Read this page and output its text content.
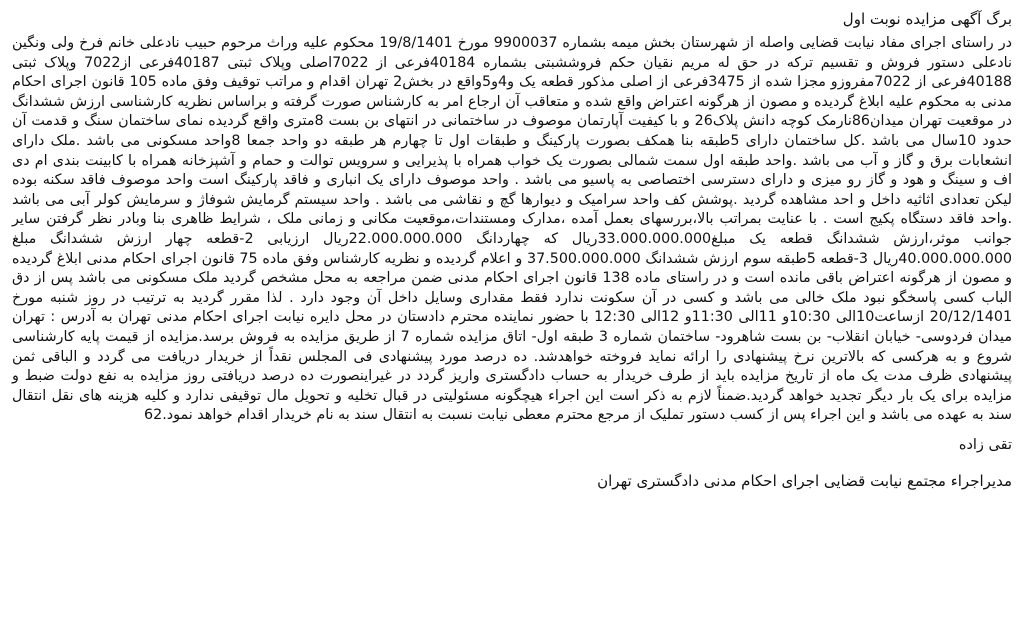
برگ آگهی مزایده نوبت اول

در راستای اجرای مفاد نیابت قضایی واصله از شهرستان بخش میمه بشماره 9900037 مورخ 19/8/1401 محکوم علیه وراث مرحوم حبیب نادعلی خانم فرخ ولی ونگین نادعلی دستور فروش و تقسیم ترکه در حق له مریم نقیان حکم فروششبتی بشماره 40184فرعی از 7022اصلی وپلاک ثبتی 40187فرعی از7022 وپلاک ثبتی 40188فرعی از 7022مفروزو مجزا شده از 3475فرعی از اصلی مذکور قطعه یک و4و5واقع در بخش2 تهران اقدام و مراتب توقیف وفق ماده 105 قانون اجرای احکام مدنی به محکوم علیه ابلاغ گردیده و مصون از هرگونه اعتراض واقع شده و متعاقب آن ارجاع امر به کارشناس صورت گرفته و براساس نظریه کارشناسی ارزش ششدانگ در موقعیت تهران میدان86نارمک کوچه دانش پلاک26 و با کیفیت آپارتمان موصوف در ساختمانی در انتهای بن بست 8متری واقع گردیده نمای ساختمان سنگ و قدمت آن حدود 10سال می باشد .کل ساختمان دارای 5طبقه بنا همکف بصورت پارکینگ و طبقات اول تا چهارم هر طبقه دو واحد جمعا 8واحد مسکونی می باشد .ملک دارای انشعابات برق و گاز و آب می باشد .واحد طبقه اول سمت شمالی بصورت یک خواب همراه با پذیرایی و سرویس توالت و حمام و آشپزخانه همراه با کابینت بندی ام دی اف و سینگ و هود و گاز رو میزی و دارای دسترسی اختصاصی به پاسیو می باشد . واحد موصوف دارای یک انباری و فاقد پارکینگ است واحد موصوف فاقد سکنه بوده لیکن تعدادی اثاثیه داخل و احد مشاهده گردید .پوشش کف واحد سرامیک و دیوارها گچ و نقاشی می باشد . واحد سیستم گرمایش شوفاژ و سرمایش کولر آبی می باشد .واحد فاقد دستگاه پکیج است . با عنایت بمراتب بالا،بررسهای بعمل آمده ،مدارک ومستندات،موقعیت مکانی و زمانی ملک ، شرایط ظاهری بنا وبادر نظر گرفتن سایر جوانب موثر،ارزش ششدانگ قطعه یک مبلغ33.000.000.000ریال که چهاردانگ 22.000.000.000ریال ارزیابی 2-قطعه چهار ارزش ششدانگ مبلغ 40.000.000.000ریال 3-قطعه 5طبقه سوم ارزش ششدانگ 37.500.000.000 و اعلام گردیده و نظریه کارشناس وفق ماده 75 قانون اجرای احکام مدنی ابلاغ گردیده و مصون از هرگونه اعتراض باقی مانده است و در راستای ماده 138 قانون اجرای احکام مدنی ضمن مراجعه به محل مشخص گردید ملک مسکونی می باشد پس از دق الباب کسی پاسخگو نبود ملک خالی می باشد و کسی در آن سکونت ندارد فقط مقداری وسایل داخل آن وجود دارد . لذا مقرر گردید به ترتیب در روز شنبه مورخ 20/12/1401 ازساعت10الی 10:30و 11الی 11:30و 12الی 12:30 با حضور نماینده محترم دادستان در محل دایره نیابت اجرای احکام مدنی تهران به آدرس : تهران میدان فردوسی- خیابان انقلاب- بن بست شاهرود- ساختمان شماره 3 طبقه اول- اتاق مزایده شماره 7 از طریق مزایده به فروش برسد.مزایده از قیمت پایه کارشناسی شروع و به هرکسی که بالاترین نرخ پیشنهادی را ارائه نماید فروخته خواهدشد. ده درصد مورد پیشنهادی فی المجلس نقداً از خریدار دریافت می گردد و الباقی ثمن پیشنهادی ظرف مدت یک ماه از تاریخ مزایده باید از طرف خریدار به حساب دادگستری واریز گردد در غیراینصورت ده درصد دریافتی روز مزایده به نفع دولت ضبط و مزایده برای یک بار دیگر تجدید خواهد گردید.ضمناً لازم به ذکر است این اجراء هیچگونه مسئولیتی در قبال تخلیه و تحویل مال توقیفی ندارد و کلیه هزینه های نقل انتقال سند به عهده می باشد و این اجراء پس از کسب دستور تملیک از مرجع محترم معطی نیابت نسبت به انتقال سند به نام خریدار اقدام خواهد نمود.62

تقی زاده
مدیراجراء مجتمع نیابت قضایی اجرای احکام مدنی دادگستری تهران
